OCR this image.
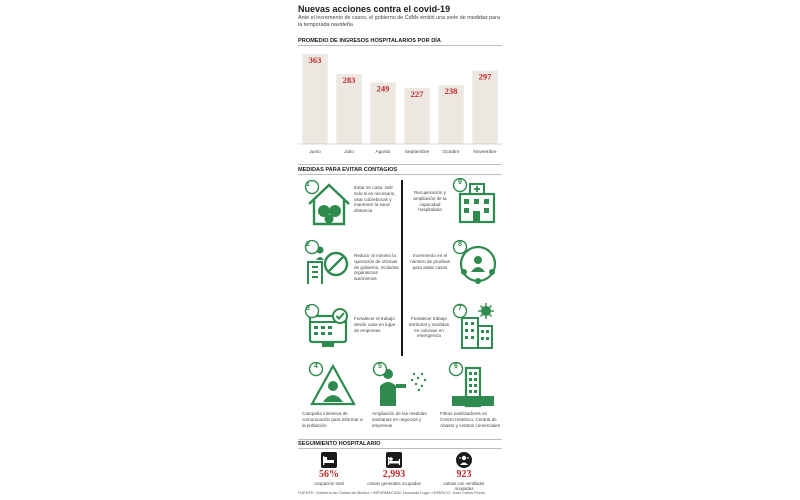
Nuevas acciones contra el covid-19
Ante el incremento de casos, el gobierno de CdMx emitió una serie de medidas para la temporada navideña
PROMEDIO DE INGRESOS HOSPITALARIOS POR DÍA
363
Junio
283
Julio
249
Agosto
227
Septiembre
238
Octubre
297
Noviembre
MEDIDAS PARA EVITAR CONTAGIOS
1	Estar en casa, salir solo si es necesario, usar cubrebocas y mantener la sana distancia
2
Reducir al mínimo la operación de oficinas de gobierno, incluidos organismos autónomos
3
Fortalecer el trabajo desde casa en lugar de empresas
9
Recuperación y ampliación de la capacidad hospitalaria
8
Incremento en el número de pruebas para aislar casos
7
Fortalecer trabajo territorial y medidas en colonias en emergencia
4
Campaña intensiva de comunicación para informar a la población
5
Ampliación de las medidas sanitarias en negocios y empresas
6
Filtros sanitizadores en Centro Histórico, Central de Abasto y centros comerciales
SEGUIMIENTO HOSPITALARIO
56%
ocupación total
2,993
camas generales ocupadas
923
camas con ventilador ocupadas
FUENTE: Gobierno de Ciudad de México • INFORMACIÓN: Leonardo Lugo • GRÁFICO: Juan Carlos Flores
